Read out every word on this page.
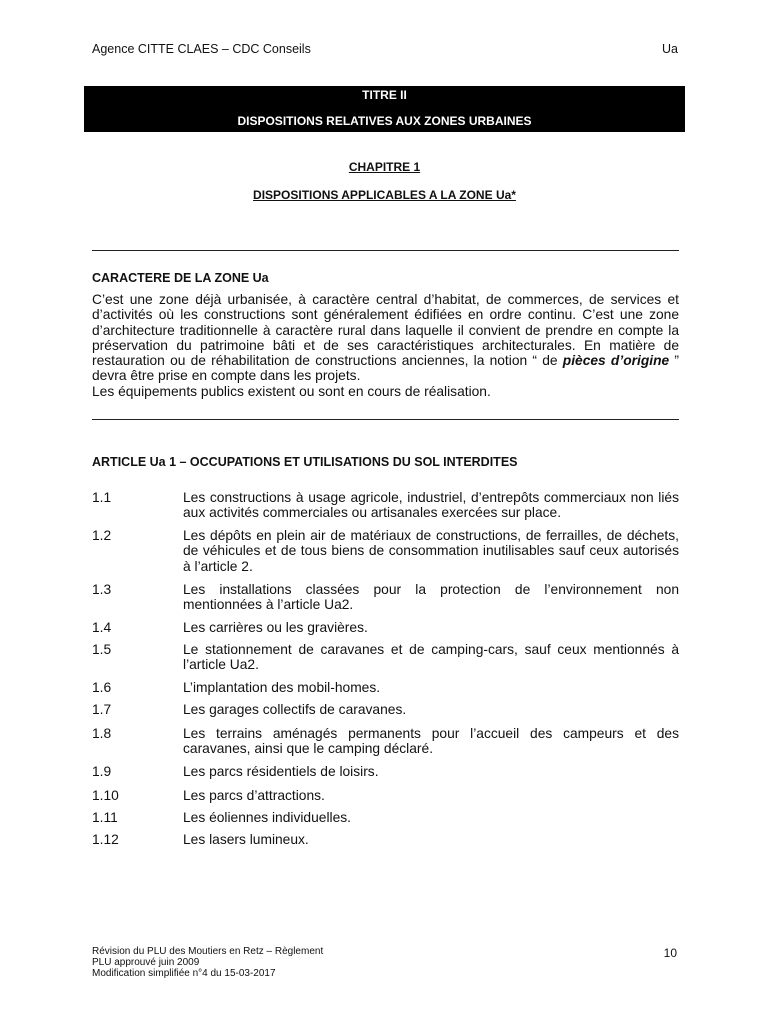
Agence CITTE CLAES – CDC Conseils	Ua
TITRE II
DISPOSITIONS RELATIVES AUX ZONES URBAINES
CHAPITRE 1
DISPOSITIONS APPLICABLES A LA ZONE Ua*
CARACTERE DE LA ZONE Ua

C’est une zone déjà urbanisée, à caractère central d’habitat, de commerces, de services et d’activités où les constructions sont généralement édifiées en ordre continu. C’est une zone d’architecture traditionnelle à caractère rural dans laquelle il convient de prendre en compte la préservation du patrimoine bâti et de ses caractéristiques architecturales. En matière de restauration ou de réhabilitation de constructions anciennes, la notion “ de pièces d’origine ” devra être prise en compte dans les projets.

Les équipements publics existent ou sont en cours de réalisation.

ARTICLE Ua 1 – OCCUPATIONS ET UTILISATIONS DU SOL INTERDITES
1.1	Les constructions à usage agricole, industriel, d’entrepôts commerciaux non liés aux activités commerciales ou artisanales exercées sur place.
1.2	Les dépôts en plein air de matériaux de constructions, de ferrailles, de déchets, de véhicules et de tous biens de consommation inutilisables sauf ceux autorisés à l’article 2.
1.3	Les installations classées pour la protection de l’environnement non mentionnées à l’article Ua2.
1.4	Les carrières ou les gravières.
1.5	Le stationnement de caravanes et de camping-cars, sauf ceux mentionnés à l’article Ua2.
1.6	L’implantation des mobil-homes.
1.7	Les garages collectifs de caravanes.
1.8	Les terrains aménagés permanents pour l’accueil des campeurs et des caravanes, ainsi que le camping déclaré.
1.9	Les parcs résidentiels de loisirs.
1.10	Les parcs d’attractions.
1.11	Les éoliennes individuelles.
1.12	Les lasers lumineux.
Révision du PLU des Moutiers en Retz – Règlement
PLU approuvé juin 2009
Modification simplifiée n°4 du 15-03-2017
10
